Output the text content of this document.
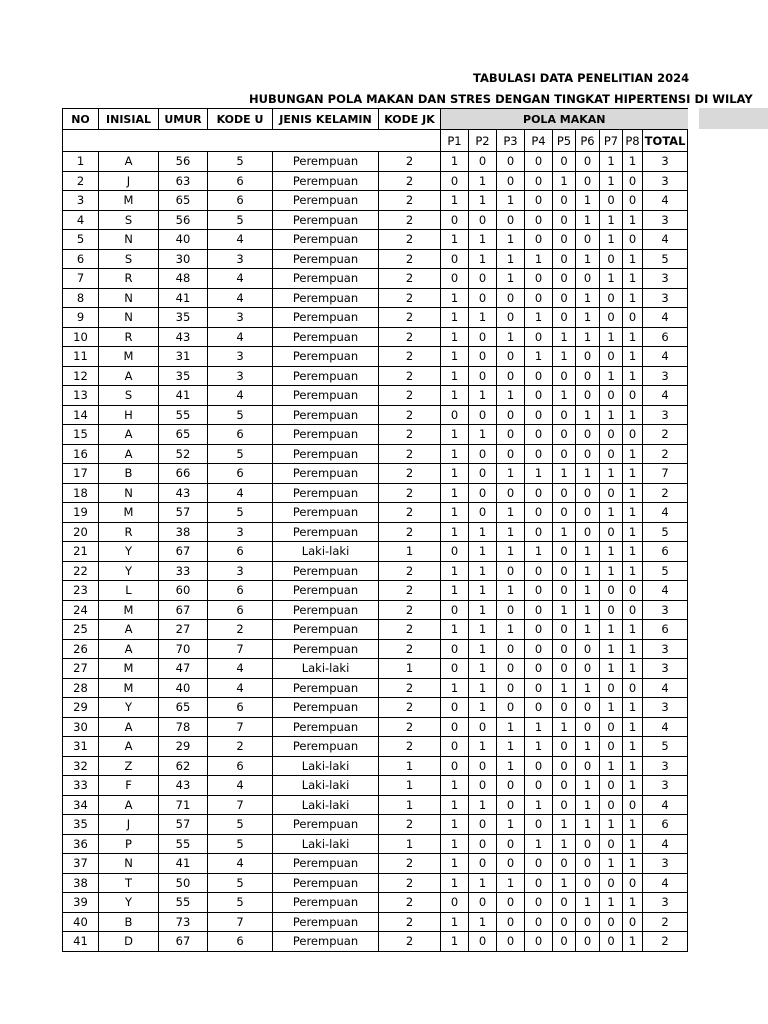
TABULASI DATA PENELITIAN 2024
HUBUNGAN POLA MAKAN DAN STRES DENGAN TINGKAT HIPERTENSI DI WILAY
NO	INISIAL	UMUR	KODE U	JENIS KELAMIN	KODE JK	POLA MAKAN								
						P1	P2	P3	P4	P5	P6	P7	P8	TOTAL
1	A	56	5	Perempuan	2	1	0	0	0	0	0	1	1	3
2	J	63	6	Perempuan	2	0	1	0	0	1	0	1	0	3
3	M	65	6	Perempuan	2	1	1	1	0	0	1	0	0	4
4	S	56	5	Perempuan	2	0	0	0	0	0	1	1	1	3
5	N	40	4	Perempuan	2	1	1	1	0	0	0	1	0	4
6	S	30	3	Perempuan	2	0	1	1	1	0	1	0	1	5
7	R	48	4	Perempuan	2	0	0	1	0	0	0	1	1	3
8	N	41	4	Perempuan	2	1	0	0	0	0	1	0	1	3
9	N	35	3	Perempuan	2	1	1	0	1	0	1	0	0	4
10	R	43	4	Perempuan	2	1	0	1	0	1	1	1	1	6
11	M	31	3	Perempuan	2	1	0	0	1	1	0	0	1	4
12	A	35	3	Perempuan	2	1	0	0	0	0	0	1	1	3
13	S	41	4	Perempuan	2	1	1	1	0	1	0	0	0	4
14	H	55	5	Perempuan	2	0	0	0	0	0	1	1	1	3
15	A	65	6	Perempuan	2	1	1	0	0	0	0	0	0	2
16	A	52	5	Perempuan	2	1	0	0	0	0	0	0	1	2
17	B	66	6	Perempuan	2	1	0	1	1	1	1	1	1	7
18	N	43	4	Perempuan	2	1	0	0	0	0	0	0	1	2
19	M	57	5	Perempuan	2	1	0	1	0	0	0	1	1	4
20	R	38	3	Perempuan	2	1	1	1	0	1	0	0	1	5
21	Y	67	6	Laki-laki	1	0	1	1	1	0	1	1	1	6
22	Y	33	3	Perempuan	2	1	1	0	0	0	1	1	1	5
23	L	60	6	Perempuan	2	1	1	1	0	0	1	0	0	4
24	M	67	6	Perempuan	2	0	1	0	0	1	1	0	0	3
25	A	27	2	Perempuan	2	1	1	1	0	0	1	1	1	6
26	A	70	7	Perempuan	2	0	1	0	0	0	0	1	1	3
27	M	47	4	Laki-laki	1	0	1	0	0	0	0	1	1	3
28	M	40	4	Perempuan	2	1	1	0	0	1	1	0	0	4
29	Y	65	6	Perempuan	2	0	1	0	0	0	0	1	1	3
30	A	78	7	Perempuan	2	0	0	1	1	1	0	0	1	4
31	A	29	2	Perempuan	2	0	1	1	1	0	1	0	1	5
32	Z	62	6	Laki-laki	1	0	0	1	0	0	0	1	1	3
33	F	43	4	Laki-laki	1	1	0	0	0	0	1	0	1	3
34	A	71	7	Laki-laki	1	1	1	0	1	0	1	0	0	4
35	J	57	5	Perempuan	2	1	0	1	0	1	1	1	1	6
36	P	55	5	Laki-laki	1	1	0	0	1	1	0	0	1	4
37	N	41	4	Perempuan	2	1	0	0	0	0	0	1	1	3
38	T	50	5	Perempuan	2	1	1	1	0	1	0	0	0	4
39	Y	55	5	Perempuan	2	0	0	0	0	0	1	1	1	3
40	B	73	7	Perempuan	2	1	1	0	0	0	0	0	0	2
41	D	67	6	Perempuan	2	1	0	0	0	0	0	0	1	2
